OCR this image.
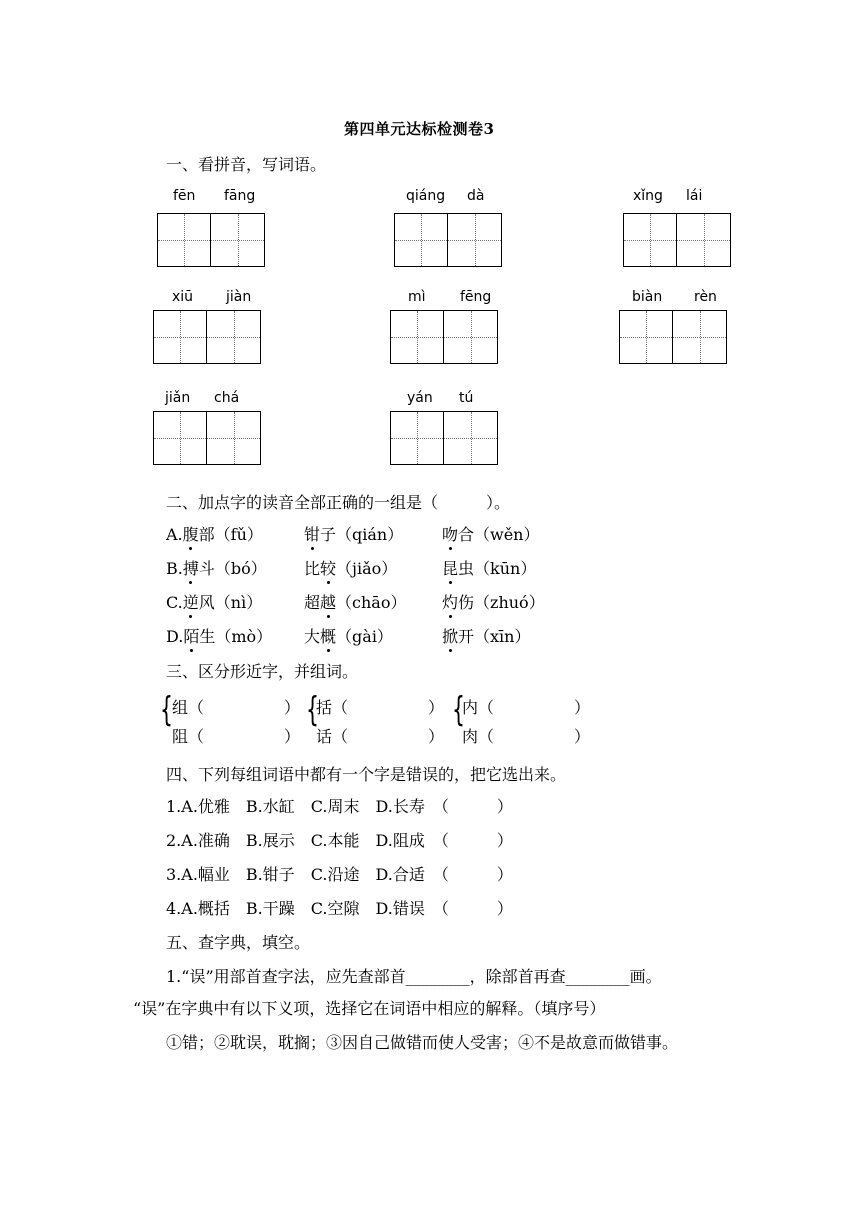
第四单元达标检测卷3
一、看拼音，写词语。
fēn fāng	qiáng dà	xǐng lái
xiū jiàn	mì fēng	biàn rèn
jiǎn chá	yán tú
二、加点字的读音全部正确的一组是（　　　）。
A.腹部（fǔ）	钳子（qián） 吻合（wěn）
B.搏斗（bó） 比较（jiǎo）	昆虫（kūn）
C.逆风（nì）	超越（chāo） 灼伤（zhuó）
D.陌生（mò） 大概（gài）	掀开（xīn）
三、区分形近字，并组词。
{ 组（　　　　　）
阻（　　　　　）
{
括（　　　　　）
话（　　　　　）
{
内（　　　　　）
肉（　　　　　）
四、下列每组词语中都有一个字是错误的，把它选出来。
1.A.优雅　B.水缸　C.周末　D.长寿　（　　　）
2.A.准确　B.展示　C.本能　D.阻成　（　　　）
3.A.幅业　B.钳子　C.沿途　D.合适　（　　　）
4.A.概括　B.干躁　C.空隙　D.错误　（　　　）
五、查字典，填空。
1.“误”用部首查字法，应先查部首________，除部首再查________画。
“误”在字典中有以下义项，选择它在词语中相应的解释。（填序号）
①错；②耽误，耽搁；③因自己做错而使人受害；④不是故意而做错事。
